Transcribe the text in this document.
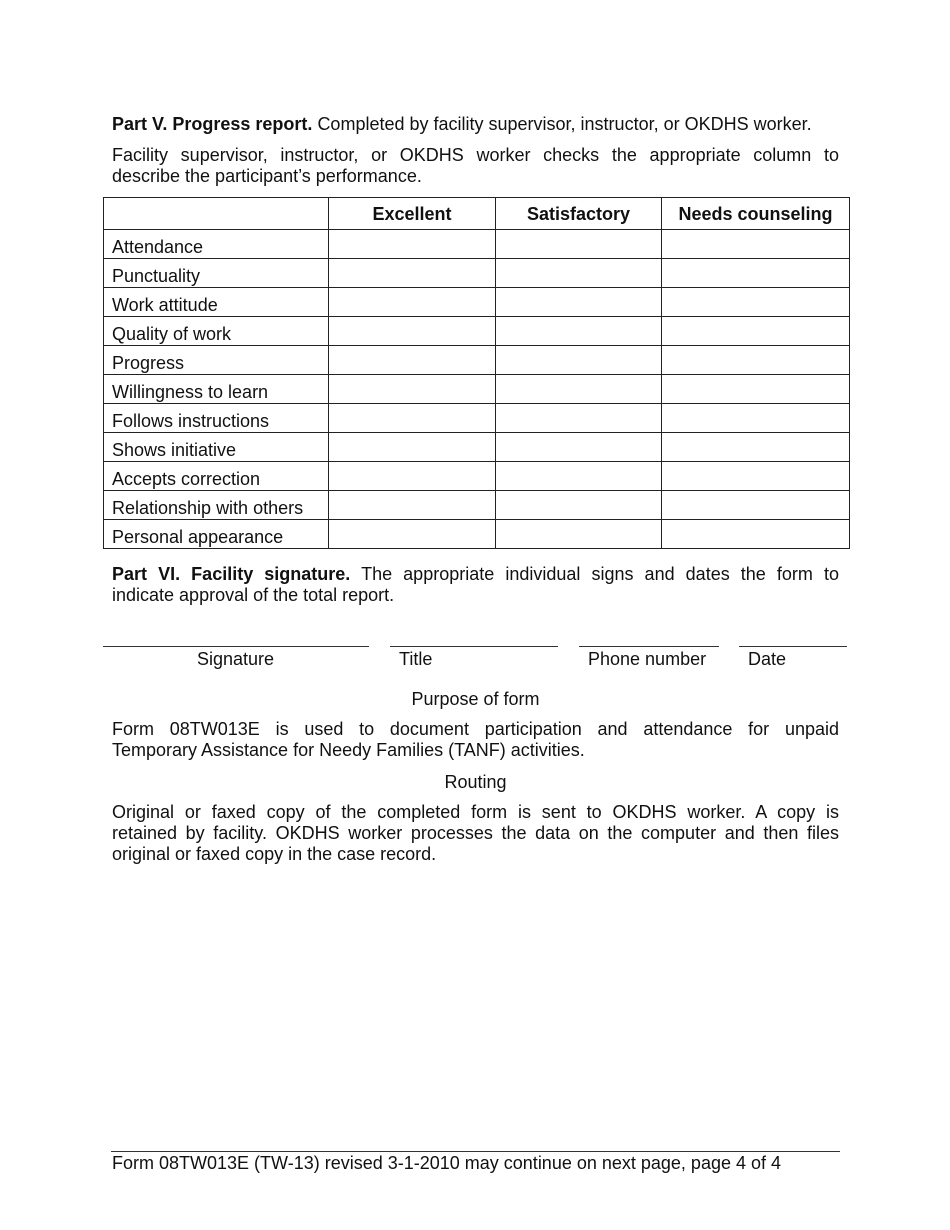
Part V. Progress report. Completed by facility supervisor, instructor, or OKDHS worker.

Facility supervisor, instructor, or OKDHS worker checks the appropriate column to
describe the participant’s performance.

	Excellent	Satisfactory	Needs counseling
Attendance			
Punctuality			
Work attitude			
Quality of work			
Progress			
Willingness to learn			
Follows instructions			
Shows initiative			
Accepts correction			
Relationship with others			
Personal appearance			

Part VI. Facility signature. The appropriate individual signs and dates the form to
indicate approval of the total report.

Signature	Title	Phone number Date
Purpose of form

Form 08TW013E is used to document participation and attendance for unpaid
Temporary Assistance for Needy Families (TANF) activities.

Routing

Original or faxed copy of the completed form is sent to OKDHS worker. A copy is
retained by facility. OKDHS worker processes the data on the computer and then files
original or faxed copy in the case record.

Form 08TW013E (TW-13) revised 3-1-2010 may continue on next page, page 4 of 4
